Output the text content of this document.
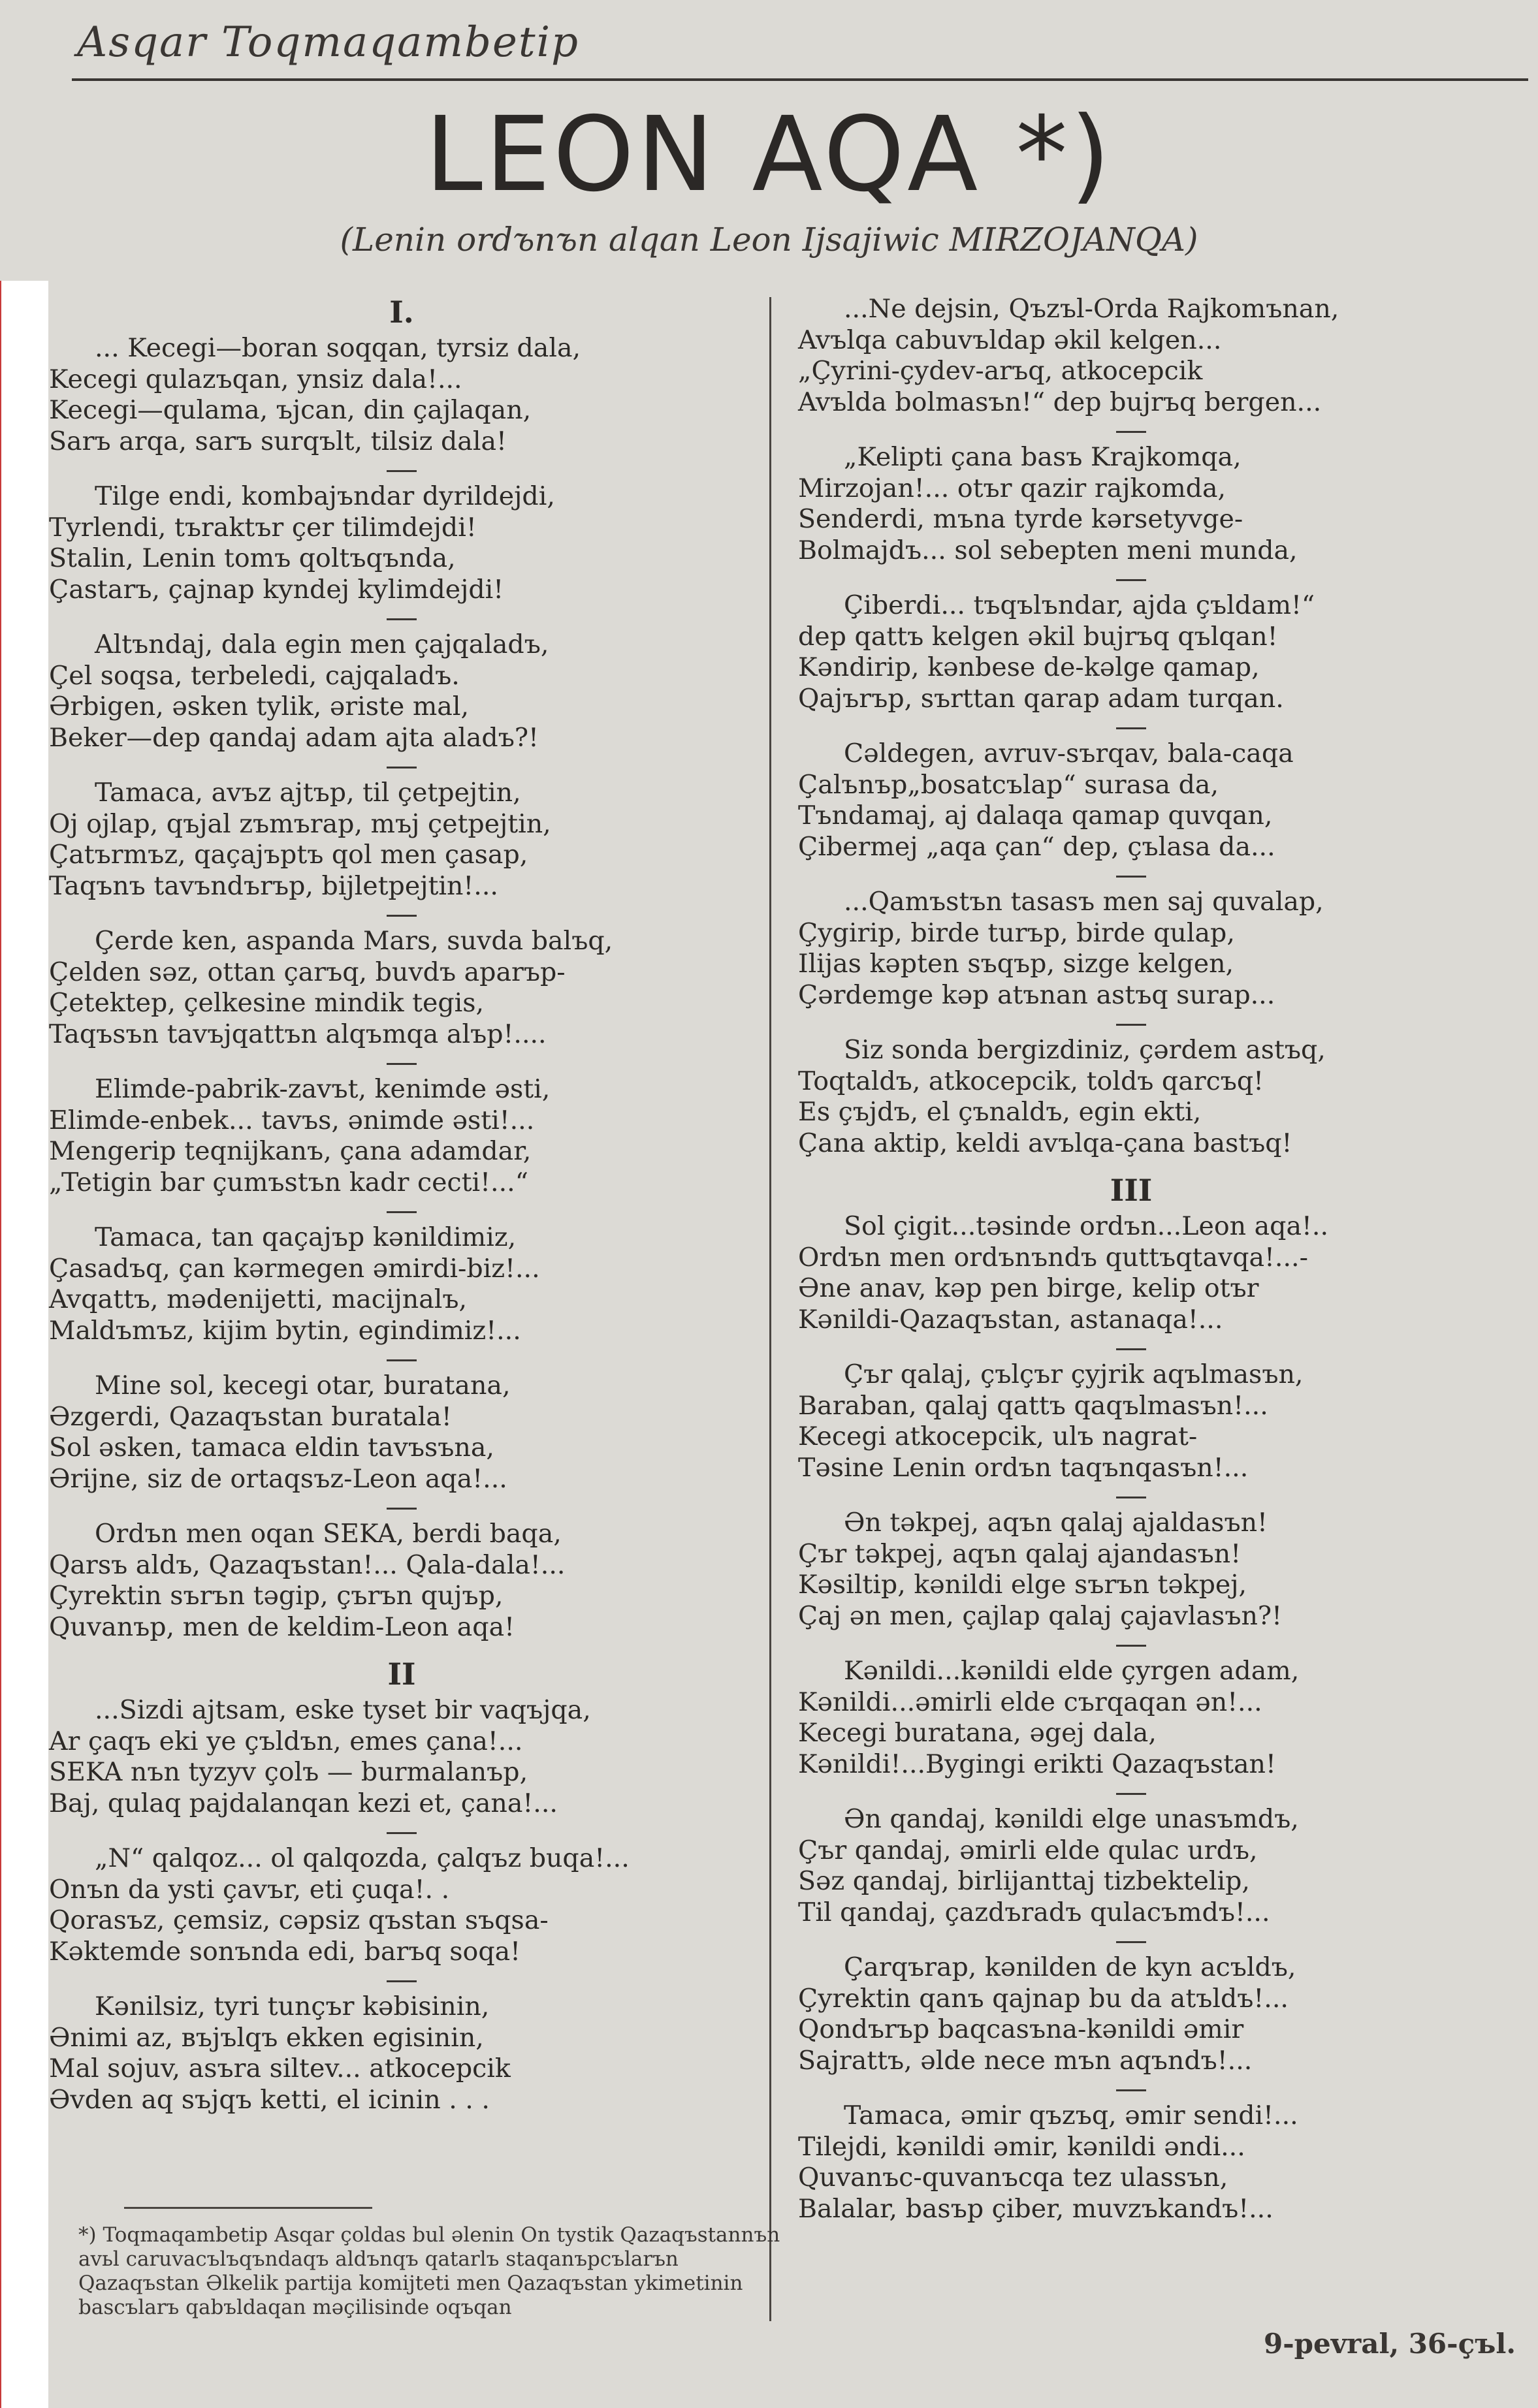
Asqar Toqmaqambetip
LEON AQA *)
(Lenin ordъnъn alqan Leon Ijsajiwic MIRZOJANQA)
I.
... Kecegi—boran soqqan, tyrsiz dala,
Kecegi qulazъqan, ynsiz dala!...
Kecegi—qulama, ъjcan, din çajlaqan,
Sarъ arqa, sarъ surqъlt, tilsiz dala!
Tilge endi, kombajъndar dyrildejdi,
Tyrlendi, tъraktъr çer tilimdejdi!
Stalin, Lenin tomъ qoltъqъnda,
Çastarъ, çajnap kyndej kylimdejdi!
Altъndaj, dala egin men çajqaladъ,
Çel soqsa, terbeledi, cajqaladъ.
Ərbigen, əsken tylik, əriste mal,
Beker—dep qandaj adam ajta aladъ?!
Tamaca, avъz ajtъp, til çetpejtin,
Oj ojlap, qъjal zъmъrap, mъj çetpejtin,
Çatъrmъz, qaçajъptъ qol men çasap,
Taqъnъ tavъndъrъp, bijletpejtin!...
Çerde ken, aspanda Mars, suvda balъq,
Çelden səz, ottan çarъq, buvdъ aparъp-
Çetektep, çelkesine mindik tegis,
Taqъsъn tavъjqattъn alqъmqa alъp!....
Elimde-pabrik-zavъt, kenimde əsti,
Elimde-enbek... tavъs, ənimde əsti!...
Mengerip teqnijkanъ, çana adamdar,
„Tetigin bar çumъstъn kadr cecti!...“
Tamaca, tan qaçajъp kənildimiz,
Çasadъq, çan kərmegen əmirdi-biz!...
Avqattъ, mədenijetti, macijnalъ,
Maldъmъz, kijim bytin, egindimiz!...
Mine sol, kecegi otar, buratana,
Əzgerdi, Qazaqъstan buratala!
Sol əsken, tamaca eldin tavъsъna,
Ərijne, siz de ortaqsъz-Leon aqa!...
Ordъn men oqan SEKA, berdi baqa,
Qarsъ aldъ, Qazaqъstan!... Qala-dala!...
Çyrektin sъrъn təgip, çъrъn qujъp,
Quvanъp, men de keldim-Leon aqa!
II
...Sizdi ajtsam, eske tyset bir vaqъjqa,
Ar çaqъ eki ye çъldъn, emes çana!...
SEKA nъn tyzyv çolъ — burmalanъp,
Baj, qulaq pajdalanqan kezi et, çana!...
„N“ qalqoz... ol qalqozda, çalqъz buqa!...
Onъn da ysti çavъr, eti çuqa!. .
Qorasъz, çemsiz, cəpsiz qъstan sъqsa-
Kəktemde sonъnda edi, barъq soqa!
Kənilsiz, tyri tunçъr kəbisinin,
Ənimi az, въjъlqъ ekken egisinin,
Mal sojuv, asъra siltev... atkocepcik
Əvden aq sъjqъ ketti, el icinin . . .
...Ne dejsin, Qъzъl-Orda Rajkomъnan,
Avъlqa cabuvъldap əkil kelgen...
„Çyrini-çydev-arъq, atkocepcik
Avъlda bolmasъn!“ dep bujrъq bergen...
„Kelipti çana basъ Krajkomqa,
Mirzojan!... otъr qazir rajkomda,
Senderdi, mъna tyrde kərsetyvge-
Bolmajdъ... sol sebepten meni munda,
Çiberdi... tъqъlъndar, ajda çъldam!“
dep qattъ kelgen əkil bujrъq qъlqan!
Kəndirip, kənbese de-kəlge qamap,
Qajъrъp, sъrttan qarap adam turqan.
Cəldegen, avruv-sъrqav, bala-caqa
Çalъnъp„bosatcъlap“ surasa da,
Tъndamaj, aj dalaqa qamap quvqan,
Çibermej „aqa çan“ dep, çъlasa da...
...Qamъstъn tasasъ men saj quvalap,
Çygirip, birde turъp, birde qulap,
Ilijas kəpten sъqъp, sizge kelgen,
Çərdemge kəp atъnan astъq surap...
Siz sonda bergizdiniz, çərdem astъq,
Toqtaldъ, atkocepcik, toldъ qarcъq!
Es çъjdъ, el çъnaldъ, egin ekti,
Çana aktip, keldi avъlqa-çana bastъq!
III
Sol çigit...təsinde ordъn...Leon aqa!..
Ordъn men ordъnъndъ quttъqtavqa!...-
Əne anav, kəp pen birge, kelip otъr
Kənildi-Qazaqъstan, astanaqa!...
Çъr qalaj, çъlçъr çyjrik aqъlmasъn,
Baraban, qalaj qattъ qaqъlmasъn!...
Kecegi atkocepcik, ulъ nagrat-
Təsine Lenin ordъn taqъnqasъn!...
Ən təkpej, aqъn qalaj ajaldasъn!
Çъr təkpej, aqъn qalaj ajandasъn!
Kəsiltip, kənildi elge sъrъn təkpej,
Çaj ən men, çajlap qalaj çajavlasъn?!
Kənildi...kənildi elde çyrgen adam,
Kənildi...əmirli elde cъrqaqan ən!...
Kecegi buratana, əgej dala,
Kənildi!...Bygingi erikti Qazaqъstan!
Ən qandaj, kənildi elge unasъmdъ,
Çъr qandaj, əmirli elde qulac urdъ,
Səz qandaj, birlijanttaj tizbektelip,
Til qandaj, çazdъradъ qulacъmdъ!...
Çarqъrap, kənilden de kyn acъldъ,
Çyrektin qanъ qajnap bu da atъldъ!...
Qondъrъp baqcasъna-kənildi əmir
Sajrattъ, əlde nece mъn aqъndъ!...
Tamaca, əmir qъzъq, əmir sendi!...
Tilejdi, kənildi əmir, kənildi əndi...
Quvanъc-quvanъcqa tez ulassъn,
Balalar, basъp çiber, muvzъkandъ!...
*) Toqmaqambetip Asqar çoldas bul əlenin On tystik Qazaqъstannъn avьl caruvacъlъqъndaqъ aldъnqъ qatarlъ staqanъpcъlarъn Qazaqъstan Əlkelik partija komijteti men Qazaqъstan ykimetinin bascъlarъ qabъldaqan məçilisinde oqъqan
9-pevral, 36-çъl.
